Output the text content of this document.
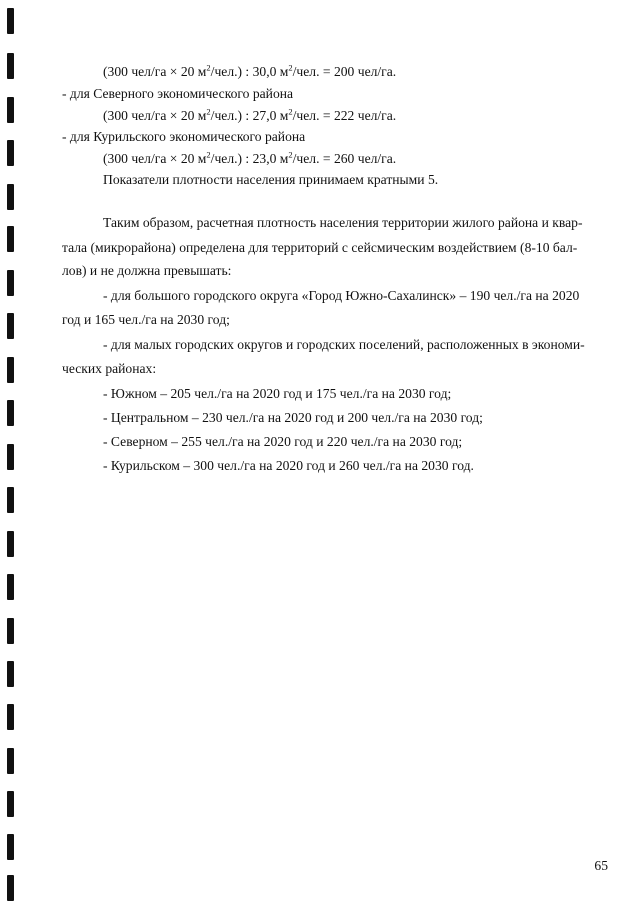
(300 чел/га × 20 $м^2/чел$.) : 30,0 $м^2$/чел. = 200 чел/га.
- для Северного экономического района
(300 чел/га × 20 $м^2/чел$.) : 27,0 $м^2$/чел. = 222 чел/га.
- для Курильского экономического района
(300 чел/га × 20 $м^2/чел$.) : 23,0 $м^2$/чел. = 260 чел/га.
Показатели плотности населения принимаем кратными 5.
Таким образом, расчетная плотность населения территории жилого района и квар-
тала (микрорайона) определена для территорий с сейсмическим воздействием (8-10 бал-
лов) и не должна превышать:
- для большого городского округа «Город Южно-Сахалинск» – 190 чел./га на 2020
год и 165 чел./га на 2030 год;
- для малых городских округов и городских поселений, расположенных в экономи-
ческих районах:
- Южном – 205 чел./га на 2020 год и 175 чел./га на 2030 год;
- Центральном – 230 чел./га на 2020 год и 200 чел./га на 2030 год;
- Северном – 255 чел./га на 2020 год и 220 чел./га на 2030 год;
- Курильском – 300 чел./га на 2020 год и 260 чел./га на 2030 год.
65
